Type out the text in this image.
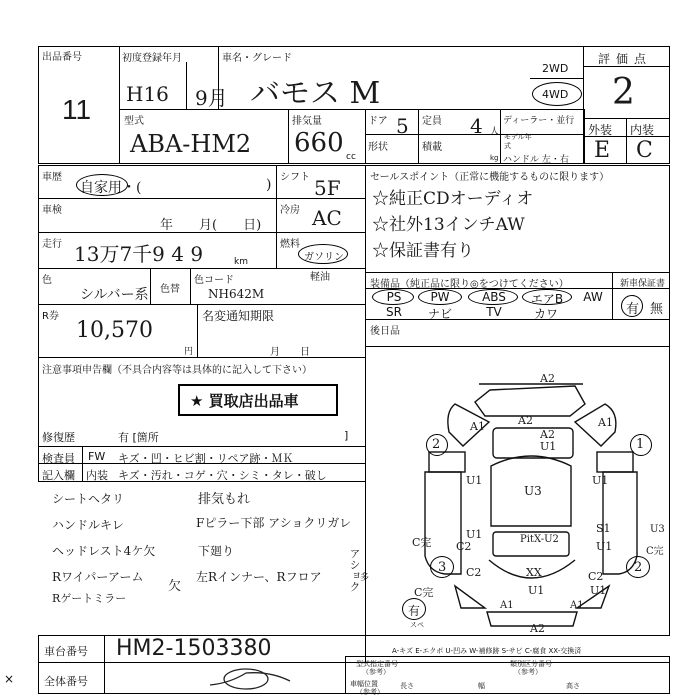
出品番号
11
初度登録年月
H16 9月
車名・グレード
バモス M
2WD
4WD
評価点
2
外装 内装
E C
型式
ABA-HM2
排気量
660 cc
ドア 5 定員 4 人
ディーラー・並行
形状	積載
kg
モデル年式
ハンドル 左・右
車歴
自家用・(	)
車検
年　　月(　　日)
走行 13万7千9 4 9	km
色
シルバー系 色替
色コード
NH642M
シフト 5F
冷房 AC
燃料
ガソリン
軽油
セールスポイント（正常に機能するものに限ります）
☆純正CDオーディオ
☆社外13インチAW
☆保証書有り
装備品（純正品に限り◎をつけてください）	新車保証書
PS	PW	ABS	エアB	AW
SR	ナビ	TV	カワ	有 無
後日品
R券
10,570
円
名変通知期限
月　　日
注意事項申告欄（不具合内容等は具体的に記入して下さい）
★ 買取店出品車
修復歴	有 [箇所	]
検査員 FW キズ・凹・ヒビ割・リペア跡・ＭＫ
記入欄 内装 キズ・汚れ・コゲ・穴・シミ・タレ・破し
シートヘタリ
ハンドルキレ
ヘッドレスト4ケ欠
Rワイパーアーム
Rゲートミラー
欠
排気もれ
Fピラー下部 アショクリガレ
下廻り
左Rインナー、Rフロア アショク 多
A2
A2
A1	A1
A2
U1
U1
U3
U1
U1	S1
U1
C2
PitX-U2
U3
C2	C2
XX
U1	U1
A2
A1	A1
C完
C完
C完
有
スペ
2	1
2
3
A-キズ E-エクボ U-凹み W-補修跡 S-サビ C-腐食 XX-交換済
車台番号 HM2-1503380
全体番号
型式指定番号
（参考）
類別区分番号
（参考）
車幅位置
（参考）
長さ	幅	高さ
×
